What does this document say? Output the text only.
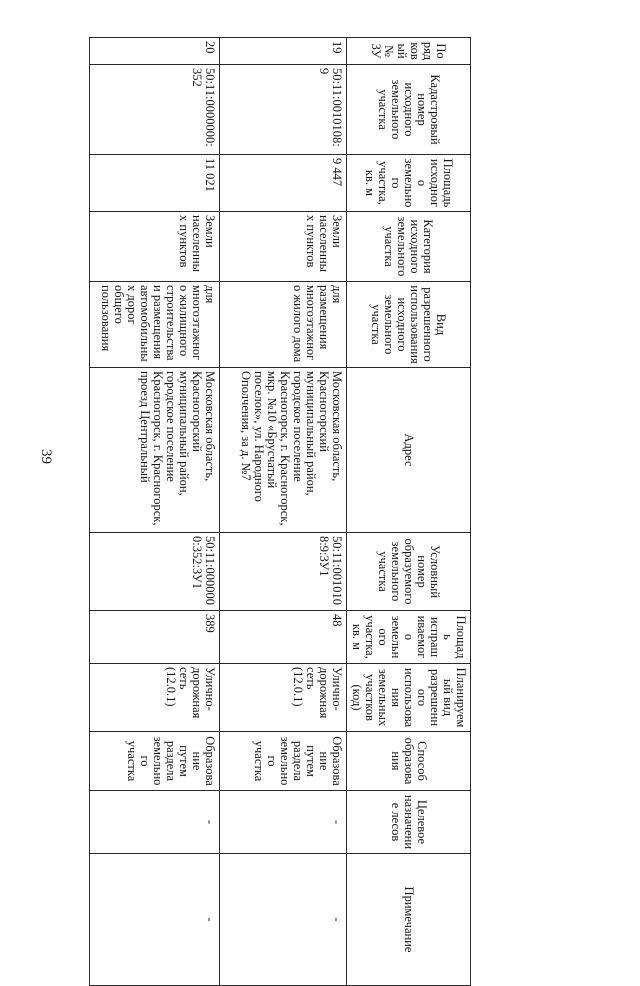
39
Порядковый № ЗУ	Кадастровый номер исходного земельного участка	Площадь исходного земельного участка, кв. м	Категория исходного земельного участка	Вид разрешенного использования исходного земельного участка	Адрес	Условный номер образуемого земельного участка	Площадь испрашиваемого земельного участка, кв. м	Планируемый вид разрешенного использования земельных участков (код)	Способ образования	Целевое назначение лесов	Примечание
19	50:11:0010108:9	9 447	Земли населенных пунктов	для размещения многоэтажного жилого дома	Московская область, Красногорский муниципальный район, городское поселение Красногорск, г. Красногорск, мкр. №10 «Брусчатый поселок», ул. Народного Ополчения, за д. №7	50:11:0010108:9:ЗУ1	48	Улично-дорожная сеть (12.0.1)	Образование путем раздела земельного участка	-	-
20	50:11:0000000:352	11 021	Земли населенных пунктов	для многоэтажного жилищного строительства и размещения автомобильных дорог общего пользования	Московская область, Красногорский муниципальный район, городское поселение Красногорск, г. Красногорск, проезд Центральный	50:11:0000000:352:ЗУ1	389	Улично-дорожная сеть (12.0.1)	Образование путем раздела земельного участка	-	-
